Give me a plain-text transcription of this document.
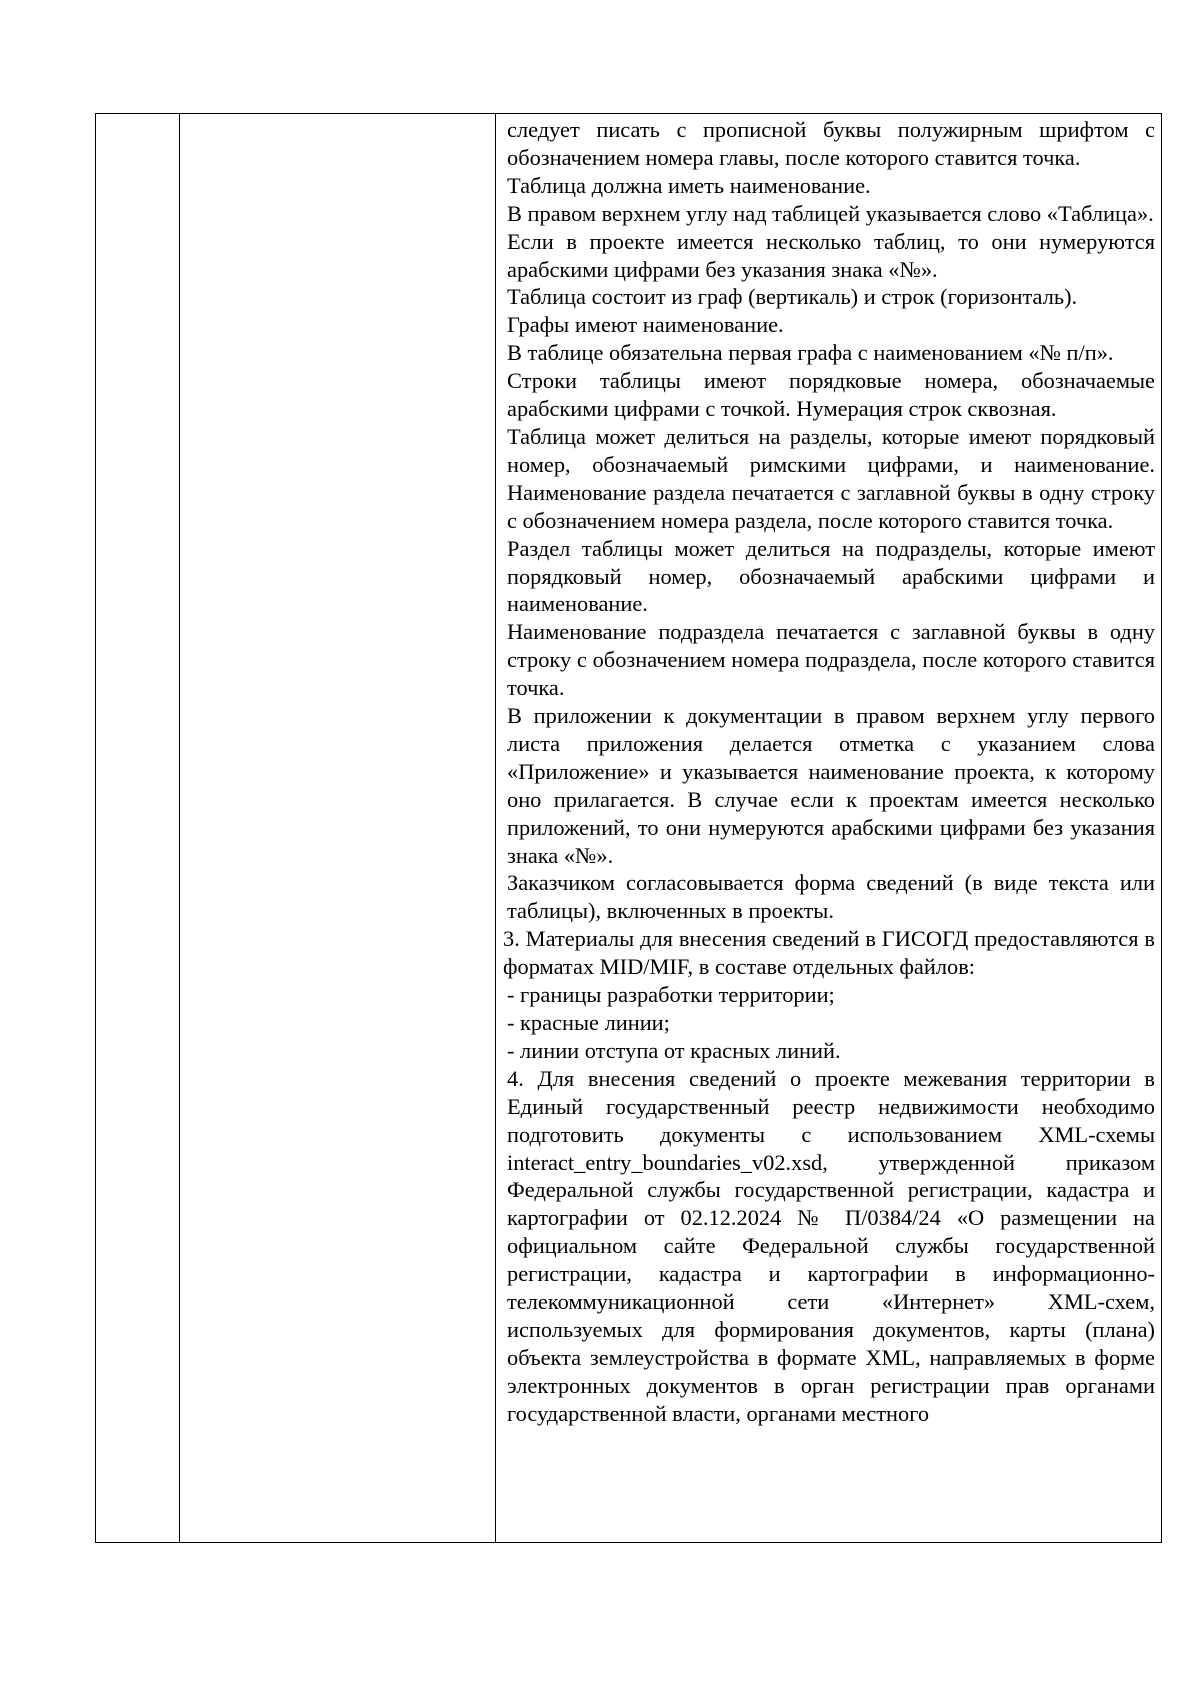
следует писать с прописной буквы полужирным шрифтом с обозначением номера главы, после которого ставится точка.

Таблица должна иметь наименование.

В правом верхнем углу над таблицей указывается слово «Таблица».

Если в проекте имеется несколько таблиц, то они нумеруются арабскими цифрами без указания знака «№».

Таблица состоит из граф (вертикаль) и строк (горизонталь).

Графы имеют наименование.

В таблице обязательна первая графа с наименованием «№ п/п».

Строки таблицы имеют порядковые номера, обозначаемые арабскими цифрами с точкой. Нумерация строк сквозная.

Таблица может делиться на разделы, которые имеют порядковый номер, обозначаемый римскими цифрами, и наименование. Наименование раздела печатается с заглавной буквы в одну строку с обозначением номера раздела, после которого ставится точка.

Раздел таблицы может делиться на подразделы, которые имеют порядковый номер, обозначаемый арабскими цифрами и наименование.

Наименование подраздела печатается с заглавной буквы в одну строку с обозначением номера подраздела, после которого ставится точка.

В приложении к документации в правом верхнем углу первого листа приложения делается отметка с указанием слова «Приложение» и указывается наименование проекта, к которому оно прилагается. В случае если к проектам имеется несколько приложений, то они нумеруются арабскими цифрами без указания знака «№».

Заказчиком согласовывается форма сведений (в виде текста или таблицы), включенных в проекты.

3. Материалы для внесения сведений в ГИСОГД предоставляются в форматах MID/MIF, в составе отдельных файлов:

- границы разработки территории;

- красные линии;

- линии отступа от красных линий.

4. Для внесения сведений о проекте межевания территории в Единый государственный реестр недвижимости необходимо подготовить документы с использованием XML-схемы interact_entry_boundaries_v02.xsd, утвержденной приказом Федеральной службы государственной регистрации, кадастра и картографии от 02.12.2024 № П/0384/24 «О размещении на официальном сайте Федеральной службы государственной регистрации, кадастра и картографии в информационно-телекоммуникационной сети «Интернет» XML-схем, используемых для формирования документов, карты (плана) объекта землеустройства в формате XML, направляемых в форме электронных документов в орган регистрации прав органами государственной власти, органами местного
